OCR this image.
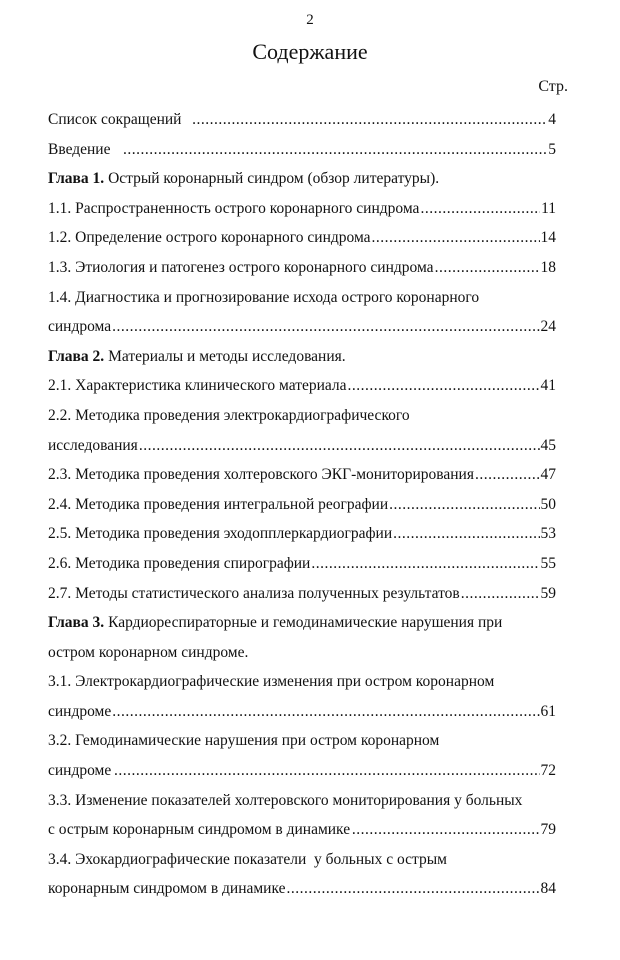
2
Содержание
Стр.
Список сокращений .....	4
Введение .....	5
Глава 1. Острый коронарный синдром (обзор литературы).
1.1. Распространенность острого коронарного синдрома .....	11
1.2. Определение острого коронарного синдрома .....	14
1.3. Этиология и патогенез острого коронарного синдрома .....	18
1.4. Диагностика и прогнозирование исхода острого коронарного
синдрома .....	24
Глава 2. Материалы и методы исследования.
2.1. Характеристика клинического материала .....	41
2.2. Методика проведения электрокардиографического
исследования .....	45
2.3. Методика проведения холтеровского ЭКГ-мониторирования .....	47
2.4. Методика проведения интегральной реографии .....	50
2.5. Методика проведения эходопплеркардиографии .....	53
2.6. Методика проведения спирографии .....	55
2.7. Методы статистического анализа полученных результатов .....	59
Глава 3. Кардиореспираторные и гемодинамические нарушения при
остром коронарном синдроме.
3.1. Электрокардиографические изменения при остром коронарном
синдроме .....	61
3.2. Гемодинамические нарушения при остром коронарном
синдроме .....	72
3.3. Изменение показателей холтеровского мониторирования у больных
с острым коронарным синдромом в динамике .....	79
3.4. Эхокардиографические показатели  у больных с острым
коронарным синдромом в динамике .....	84
